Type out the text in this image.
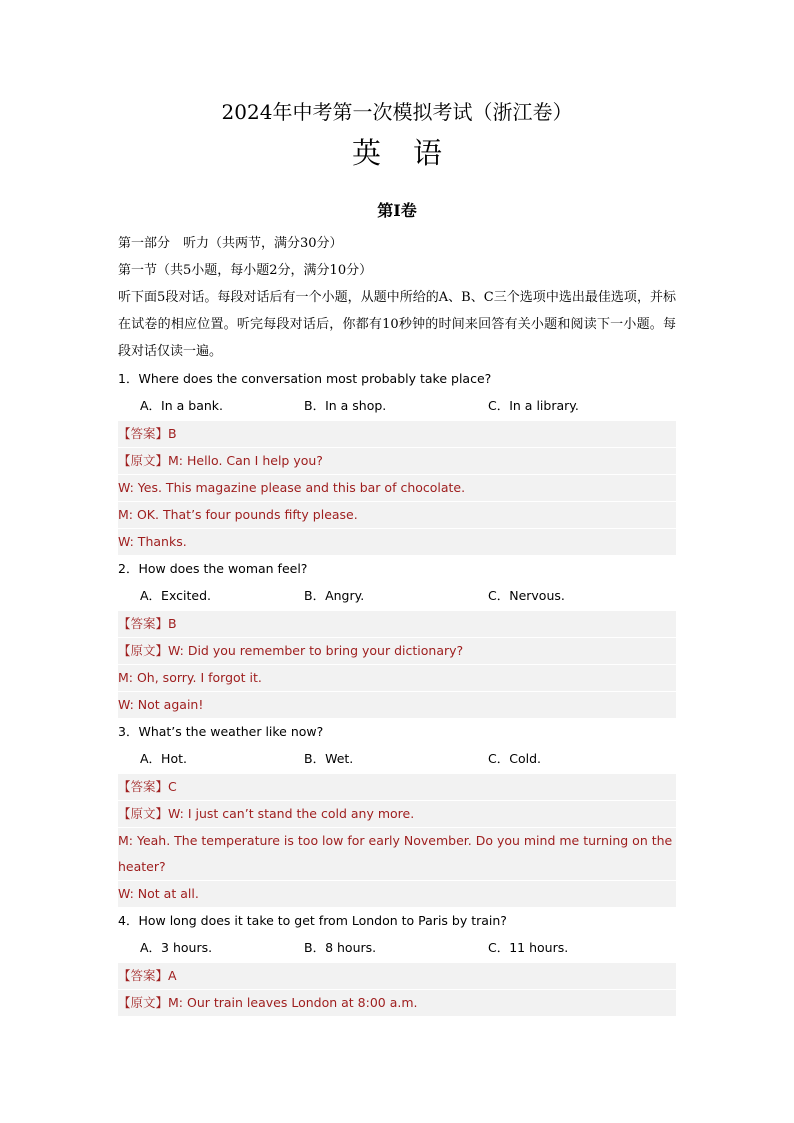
2024年中考第一次模拟考试（浙江卷）
英语
第I卷
第一部分　听力（共两节，满分30分）
第一节（共5小题，每小题2分，满分10分）
听下面5段对话。每段对话后有一个小题，从题中所给的A、B、C三个选项中选出最佳选项，并标在试卷的相应位置。听完每段对话后，你都有10秒钟的时间来回答有关小题和阅读下一小题。每段对话仅读一遍。
1．Where does the conversation most probably take place?
A．In a bank.	B．In a shop.	C．In a library.
【答案】B
【原文】M: Hello. Can I help you?
W: Yes. This magazine please and this bar of chocolate.
M: OK. That’s four pounds fifty please.
W: Thanks.
2．How does the woman feel?
A．Excited.	B．Angry.	C．Nervous.
【答案】B
【原文】W: Did you remember to bring your dictionary?
M: Oh, sorry. I forgot it.
W: Not again!
3．What’s the weather like now?
A．Hot.	B．Wet.	C．Cold.
【答案】C
【原文】W: I just can’t stand the cold any more.
M: Yeah. The temperature is too low for early November. Do you mind me turning on the heater?
W: Not at all.
4．How long does it take to get from London to Paris by train?
A．3 hours.	B．8 hours.	C．11 hours.
【答案】A
【原文】M: Our train leaves London at 8:00 a.m.
